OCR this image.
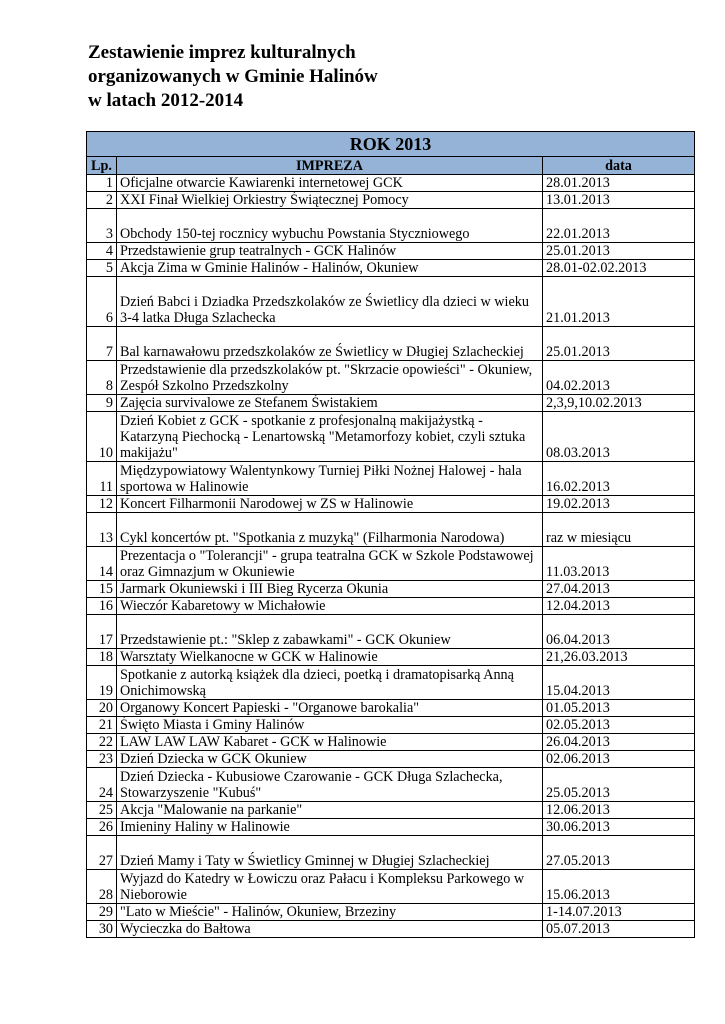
Zestawienie imprez kulturalnych
organizowanych w Gminie Halinów
w latach 2012-2014
ROK 2013		
Lp.	IMPREZA	data
1	Oficjalne otwarcie Kawiarenki internetowej GCK	28.01.2013
2	XXI Finał Wielkiej Orkiestry Świątecznej Pomocy	13.01.2013
3	Obchody 150-tej rocznicy wybuchu Powstania Styczniowego	22.01.2013
4	Przedstawienie grup teatralnych - GCK Halinów	25.01.2013
5	Akcja Zima w Gminie Halinów - Halinów, Okuniew	28.01-02.02.2013
6	Dzień Babci i Dziadka Przedszkolaków ze Świetlicy dla dzieci w wieku 3-4 latka Długa Szlachecka	21.01.2013
7	Bal karnawałowu przedszkolaków ze Świetlicy w Długiej Szlacheckiej	25.01.2013
8	Przedstawienie dla przedszkolaków pt. "Skrzacie opowieści" - Okuniew, Zespół Szkolno Przedszkolny	04.02.2013
9	Zajęcia survivalowe ze Stefanem Świstakiem	2,3,9,10.02.2013
10	Dzień Kobiet z GCK - spotkanie z profesjonalną makijażystką - Katarzyną Piechocką - Lenartowską "Metamorfozy kobiet, czyli sztuka makijażu"	08.03.2013
11	Międzypowiatowy Walentynkowy Turniej Piłki Nożnej Halowej - hala sportowa w Halinowie	16.02.2013
12	Koncert Filharmonii Narodowej w ZS w Halinowie	19.02.2013
13	Cykl koncertów pt. "Spotkania z muzyką" (Filharmonia Narodowa)	raz w miesiącu
14	Prezentacja o "Tolerancji" - grupa teatralna GCK w Szkole Podstawowej oraz Gimnazjum w Okuniewie	11.03.2013
15	Jarmark Okuniewski i III Bieg Rycerza Okunia	27.04.2013
16	Wieczór Kabaretowy w Michałowie	12.04.2013
17	Przedstawienie pt.: "Sklep z zabawkami" - GCK Okuniew	06.04.2013
18	Warsztaty Wielkanocne w GCK w Halinowie	21,26.03.2013
19	Spotkanie z autorką książek dla dzieci, poetką i dramatopisarką Anną Onichimowską	15.04.2013
20	Organowy Koncert Papieski - "Organowe barokalia"	01.05.2013
21	Święto Miasta i Gminy Halinów	02.05.2013
22	LAW LAW LAW Kabaret - GCK w Halinowie	26.04.2013
23	Dzień Dziecka w GCK Okuniew	02.06.2013
24	Dzień Dziecka - Kubusiowe Czarowanie - GCK Długa Szlachecka, Stowarzyszenie "Kubuś"	25.05.2013
25	Akcja "Malowanie na parkanie"	12.06.2013
26	Imieniny Haliny w Halinowie	30.06.2013
27	Dzień Mamy i Taty w Świetlicy Gminnej w Długiej Szlacheckiej	27.05.2013
28	Wyjazd do Katedry w Łowiczu oraz Pałacu i Kompleksu Parkowego w Nieborowie	15.06.2013
29	"Lato w Mieście" - Halinów, Okuniew, Brzeziny	1-14.07.2013
30	Wycieczka do Bałtowa	05.07.2013
